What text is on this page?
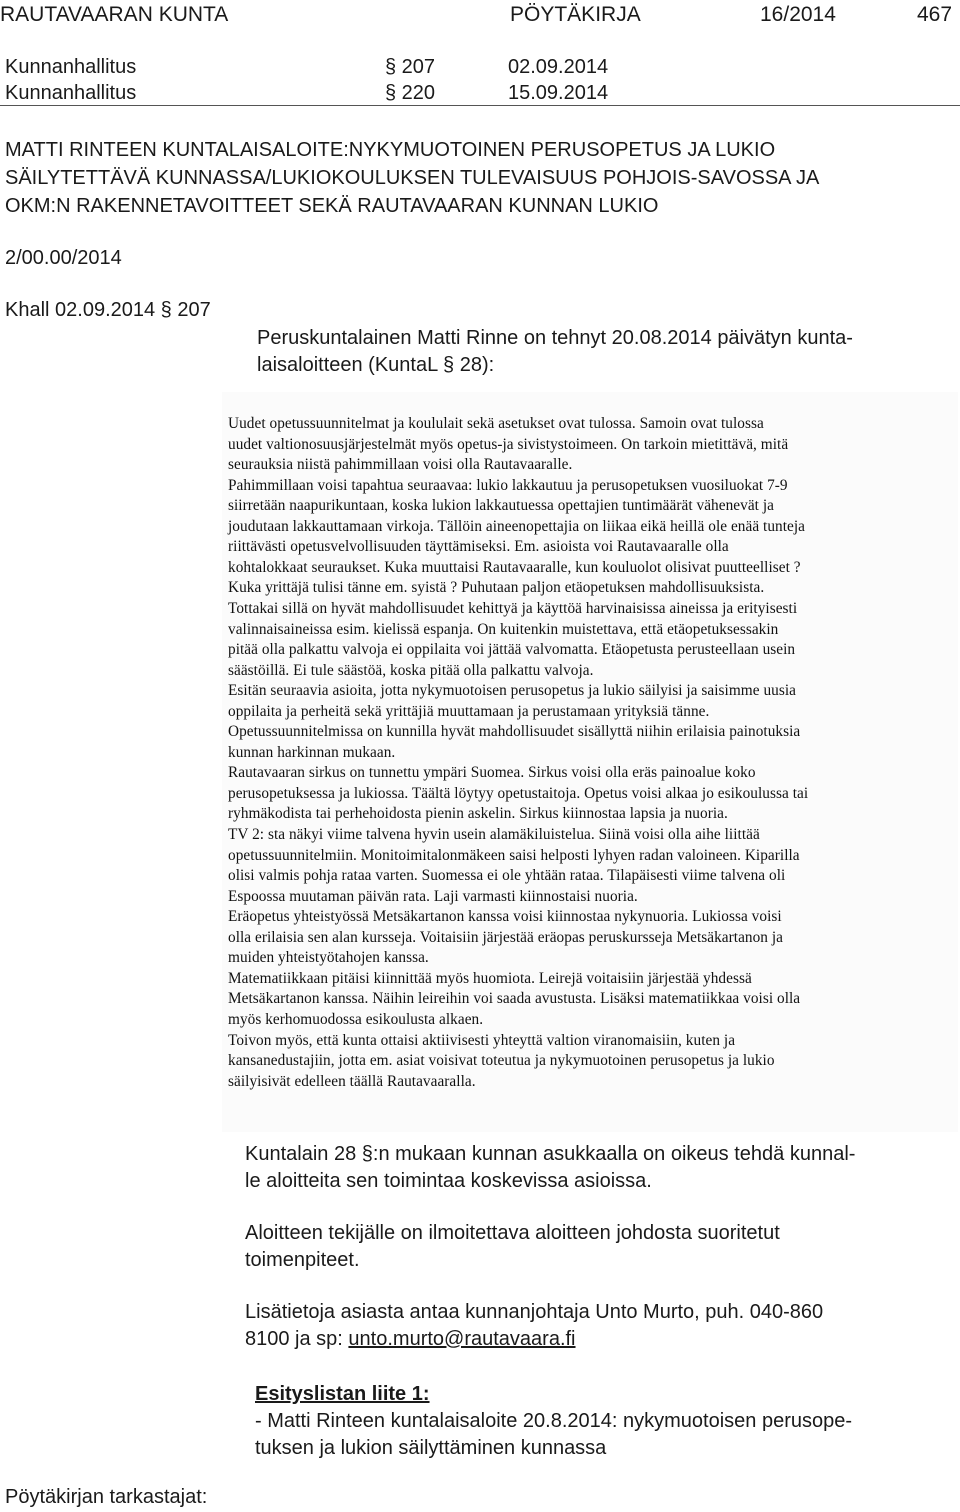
RAUTAVAARAN KUNTA	PÖYTÄKIRJA	16/2014	467
Kunnanhallitus	§ 207	02.09.2014
Kunnanhallitus	§ 220	15.09.2014
MATTI RINTEEN KUNTALAISALOITE:NYKYMUOTOINEN PERUSOPETUS JA LUKIO
SÄILYTETTÄVÄ KUNNASSA/LUKIOKOULUKSEN TULEVAISUUS POHJOIS-SAVOSSA JA
OKM:N RAKENNETAVOITTEET SEKÄ RAUTAVAARAN KUNNAN LUKIO
2/00.00/2014
Khall 02.09.2014 § 207
Peruskuntalainen Matti Rinne on tehnyt 20.08.2014 päivätyn kunta-
laisaloitteen (KuntaL § 28):
Uudet opetussuunnitelmat ja koululait sekä asetukset ovat tulossa. Samoin ovat tulossa
uudet valtionosuusjärjestelmät myös opetus-ja sivistystoimeen. On tarkoin mietittävä, mitä
seurauksia niistä pahimmillaan voisi olla Rautavaaralle.
Pahimmillaan voisi tapahtua seuraavaa: lukio lakkautuu ja perusopetuksen vuosiluokat 7-9
siirretään naapurikuntaan, koska lukion lakkautuessa opettajien tuntimäärät vähenevät ja
joudutaan lakkauttamaan virkoja. Tällöin aineenopettajia on liikaa eikä heillä ole enää tunteja
riittävästi opetusvelvollisuuden täyttämiseksi. Em. asioista voi Rautavaaralle olla
kohtalokkaat seuraukset. Kuka muuttaisi Rautavaaralle, kun kouluolot olisivat puutteelliset ?
Kuka yrittäjä tulisi tänne em. syistä ? Puhutaan paljon etäopetuksen mahdollisuuksista.
Tottakai sillä on hyvät mahdollisuudet kehittyä ja käyttöä harvinaisissa aineissa ja erityisesti
valinnaisaineissa esim. kielissä espanja. On kuitenkin muistettava, että etäopetuksessakin
pitää olla palkattu valvoja ei oppilaita voi jättää valvomatta. Etäopetusta perusteellaan usein
säästöillä. Ei tule säästöä, koska pitää olla palkattu valvoja.
Esitän seuraavia asioita, jotta nykymuotoisen perusopetus ja lukio säilyisi ja saisimme uusia
oppilaita ja perheitä sekä yrittäjiä muuttamaan ja perustamaan yrityksiä tänne.
Opetussuunnitelmissa on kunnilla hyvät mahdollisuudet sisällyttä niihin erilaisia painotuksia
kunnan harkinnan mukaan.
Rautavaaran sirkus on tunnettu ympäri Suomea. Sirkus voisi olla eräs painoalue koko
perusopetuksessa ja lukiossa. Täältä löytyy opetustaitoja. Opetus voisi alkaa jo esikoulussa tai
ryhmäkodista tai perhehoidosta pienin askelin. Sirkus kiinnostaa lapsia ja nuoria.
TV 2: sta näkyi viime talvena hyvin usein alamäkiluistelua. Siinä voisi olla aihe liittää
opetussuunnitelmiin. Monitoimitalonmäkeen saisi helposti lyhyen radan valoineen. Kiparilla
olisi valmis pohja rataa varten. Suomessa ei ole yhtään rataa. Tilapäisesti viime talvena oli
Espoossa muutaman päivän rata. Laji varmasti kiinnostaisi nuoria.
Eräopetus yhteistyössä Metsäkartanon kanssa voisi kiinnostaa nykynuoria. Lukiossa voisi
olla erilaisia sen alan kursseja. Voitaisiin järjestää eräopas peruskursseja Metsäkartanon ja
muiden yhteistyötahojen kanssa.
Matematiikkaan pitäisi kiinnittää myös huomiota. Leirejä voitaisiin järjestää yhdessä
Metsäkartanon kanssa. Näihin leireihin voi saada avustusta. Lisäksi matematiikkaa voisi olla
myös kerhomuodossa esikoulusta alkaen.
Toivon myös, että kunta ottaisi aktiivisesti yhteyttä valtion viranomaisiin, kuten ja
kansanedustajiin, jotta em. asiat voisivat toteutua ja nykymuotoinen perusopetus ja lukio
säilyisivät edelleen täällä Rautavaaralla.
Kuntalain 28 §:n mukaan kunnan asukkaalla on oikeus tehdä kunnal-
le aloitteita sen toimintaa koskevissa asioissa.
Aloitteen tekijälle on ilmoitettava aloitteen johdosta suoritetut
toimenpiteet.
Lisätietoja asiasta antaa kunnanjohtaja Unto Murto, puh. 040-860
8100 ja sp: unto.murto@rautavaara.fi
Esityslistan liite 1:
- Matti Rinteen kuntalaisaloite 20.8.2014: nykymuotoisen perusope-
tuksen ja lukion säilyttäminen kunnassa
Pöytäkirjan tarkastajat:
